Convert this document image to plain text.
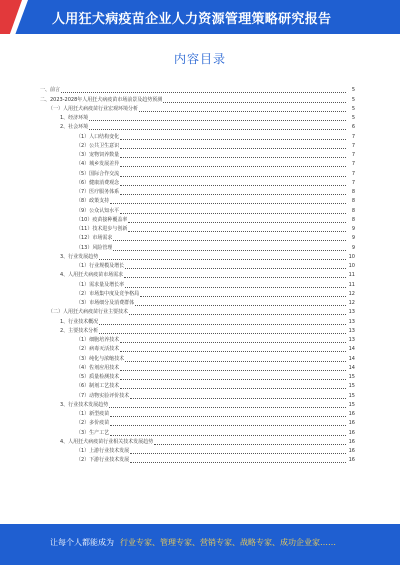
人用狂犬病疫苗企业人力资源管理策略研究报告
内容目录
一、前言	5
二、2023-2028年人用狂犬病疫苗市场前景及趋势预测	5
（一）人用狂犬病疫苗行业宏观环境分析	5
1、经济环境	5
2、社会环境	6
（1）人口结构变化	7
（2）公共卫生意识	7
（3）宠物饲养数量	7
（4）城乡发展差异	7
（5）国际合作交流	7
（6）健康消费观念	7
（7）医疗服务体系	8
（8）政策支持	8
（9）公众认知水平	8
（10）疫苗接种覆盖率	8
（11）技术进步与创新	9
（12）市场需求	9
（13）风险管理	9
3、行业发展趋势	10
（1）行业规模及增长	10
4、人用狂犬病疫苗市场需求	11
（1）需求量及增长率	11
（2）市场集中度及竞争格局	12
（3）市场细分及消费群体	12
（二）人用狂犬病疫苗行业主要技术	13
1、行业技术概况	13
2、主要技术分析	13
（1）细胞培养技术	13
（2）病毒灭活技术	14
（3）纯化与浓缩技术	14
（4）佐剂应用技术	14
（5）质量检测技术	15
（6）制剂工艺技术	15
（7）动物实验评价技术	15
3、行业技术发展趋势	15
（1）新型疫苗	16
（2）多价疫苗	16
（3）生产工艺	16
4、人用狂犬病疫苗行业相关技术发展趋势	16
（1）上游行业技术发展	16
（2）下游行业技术发展	16
让每个人都能成为 行业专家、管理专家、营销专家、战略专家、成功企业家……
